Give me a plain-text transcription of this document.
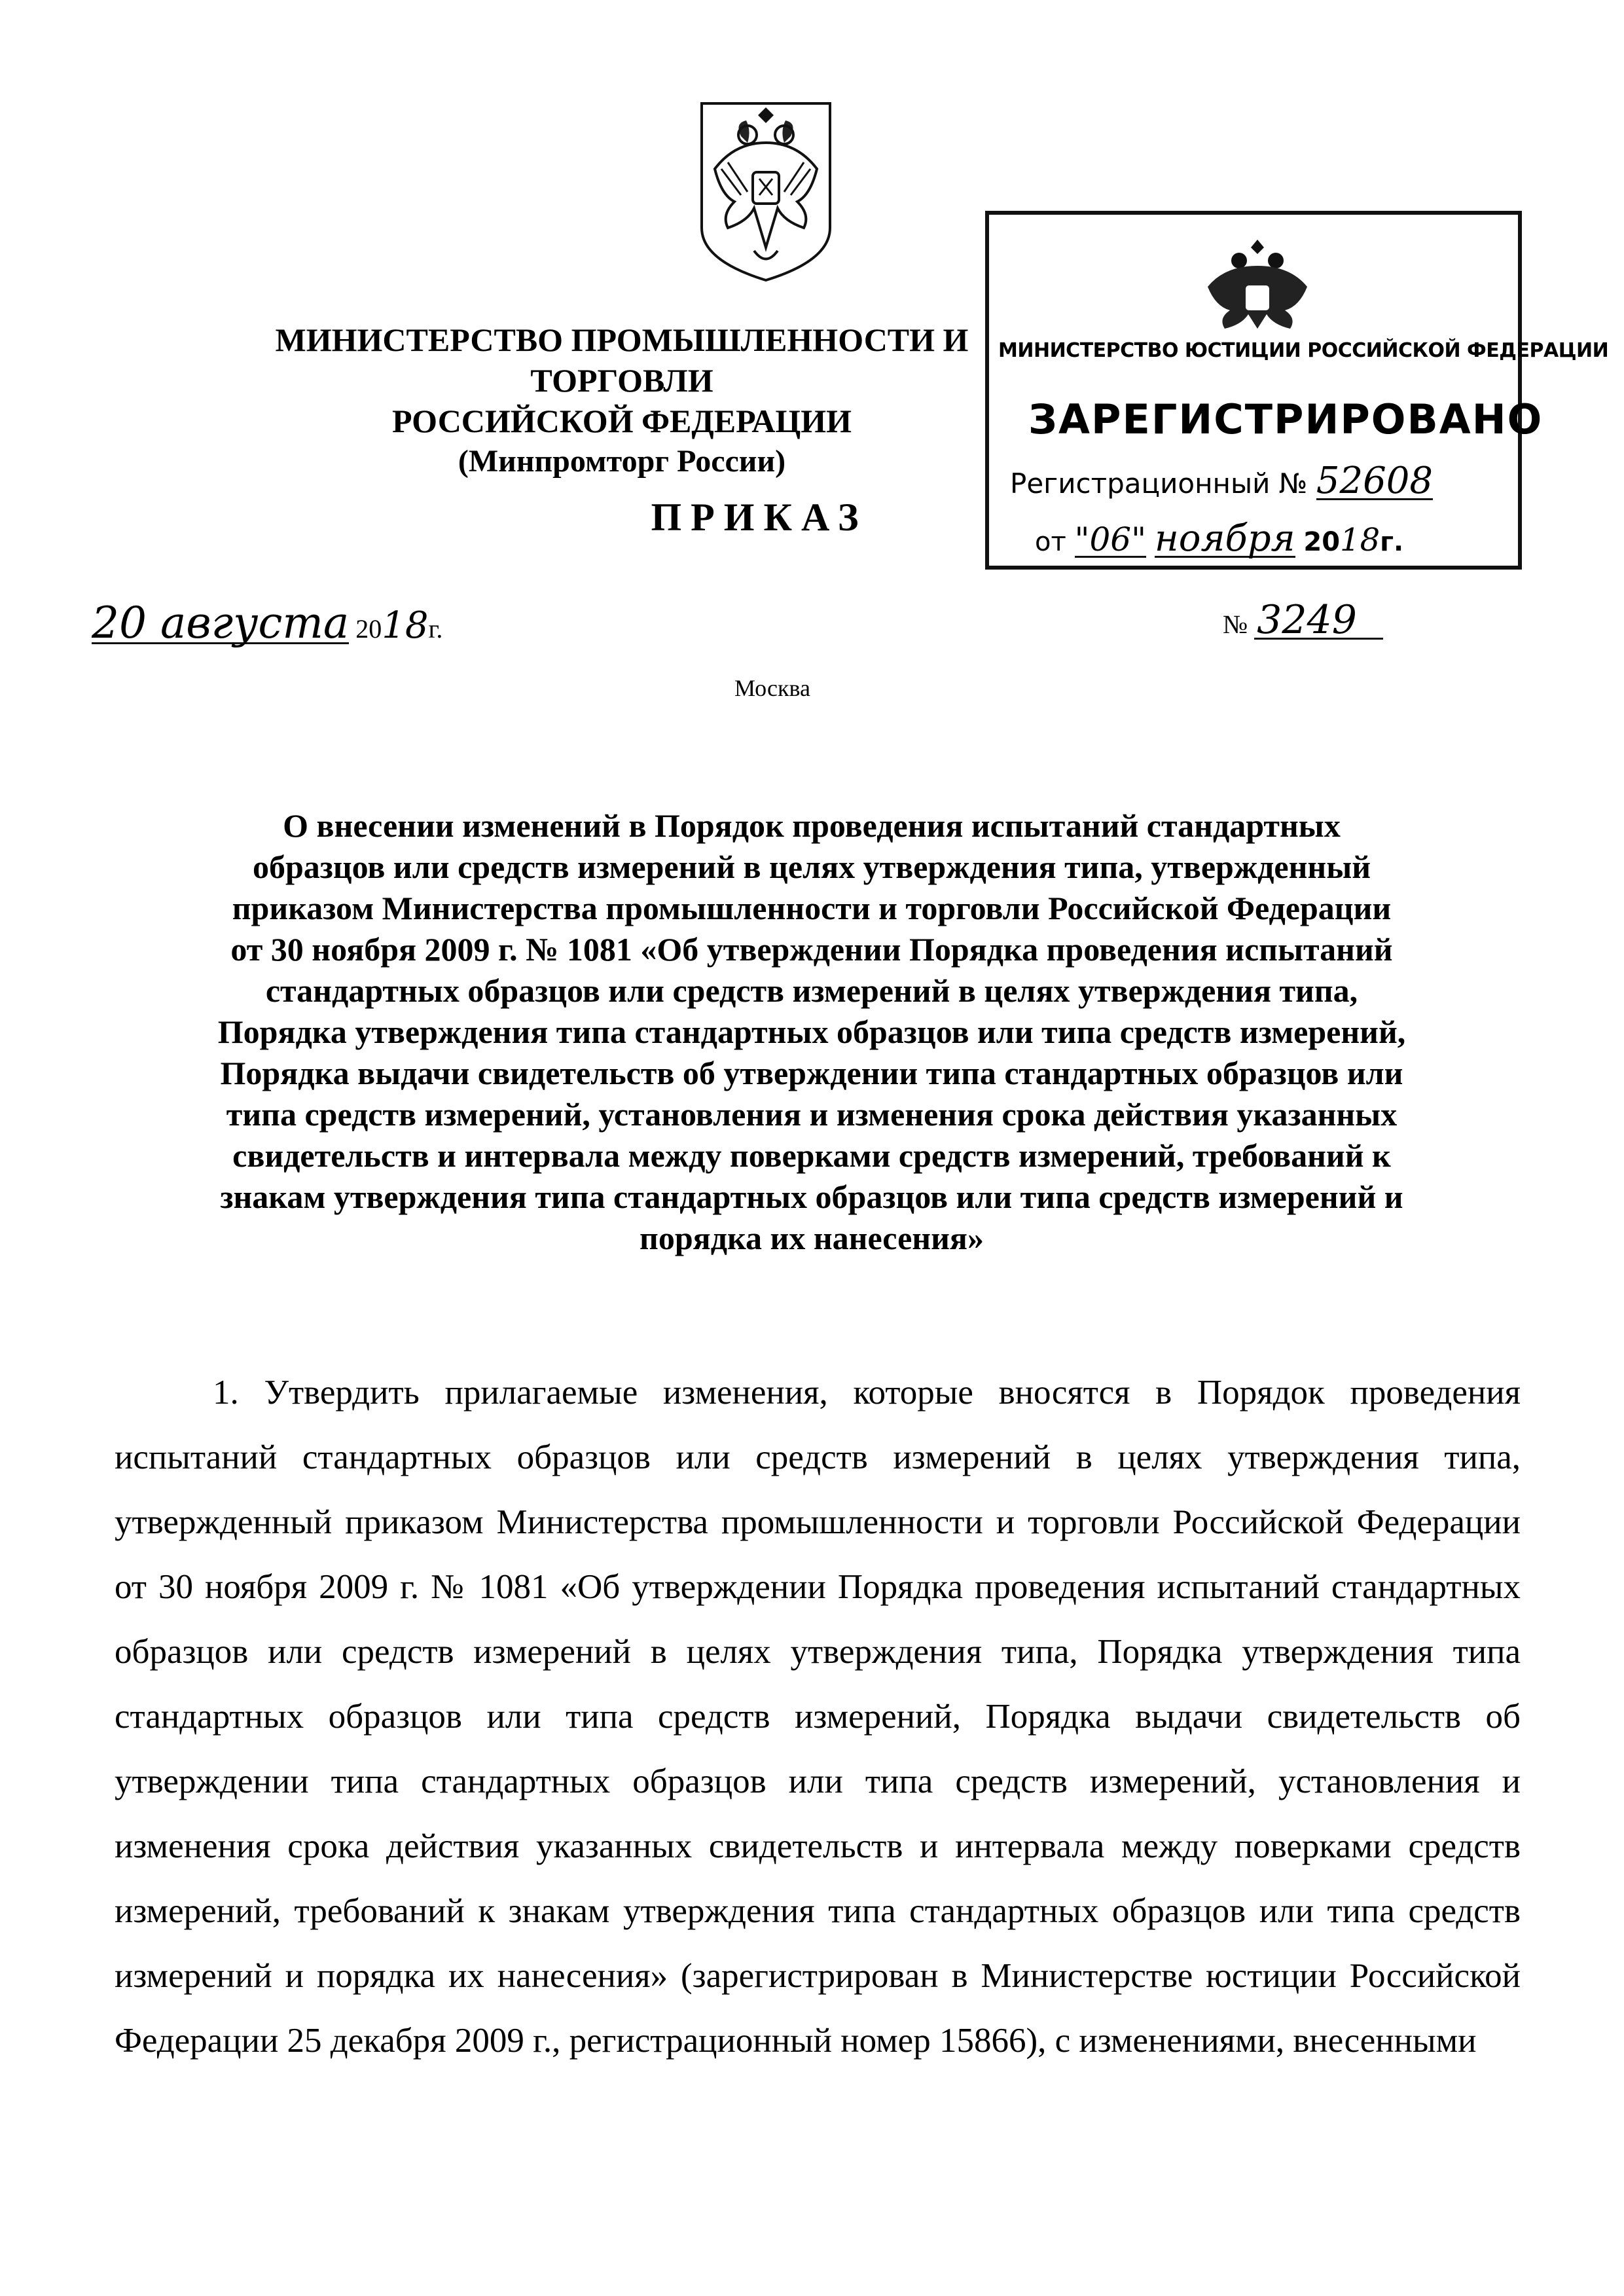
МИНИСТЕРСТВО ПРОМЫШЛЕННОСТИ И ТОРГОВЛИ
РОССИЙСКОЙ ФЕДЕРАЦИИ
(Минпромторг России)
ПРИКАЗ
МИНИСТЕРСТВО ЮСТИЦИИ РОССИЙСКОЙ ФЕДЕРАЦИИ
ЗАРЕГИСТРИРОВАНО
Регистрационный № 52608
от "06" ноября 2018г.
20 августа 2018г.	№ 3249
Москва
О внесении изменений в Порядок проведения испытаний стандартных
образцов или средств измерений в целях утверждения типа, утвержденный
приказом Министерства промышленности и торговли Российской Федерации
от 30 ноября 2009 г. № 1081 «Об утверждении Порядка проведения испытаний
стандартных образцов или средств измерений в целях утверждения типа,
Порядка утверждения типа стандартных образцов или типа средств измерений,
Порядка выдачи свидетельств об утверждении типа стандартных образцов или
типа средств измерений, установления и изменения срока действия указанных
свидетельств и интервала между поверками средств измерений, требований к
знакам утверждения типа стандартных образцов или типа средств измерений и
порядка их нанесения»

1. Утвердить прилагаемые изменения, которые вносятся в Порядок проведения испытаний стандартных образцов или средств измерений в целях утверждения типа, утвержденный приказом Министерства промышленности и торговли Российской Федерации от 30 ноября 2009 г. № 1081 «Об утверждении Порядка проведения испытаний стандартных образцов или средств измерений в целях утверждения типа, Порядка утверждения типа стандартных образцов или типа средств измерений, Порядка выдачи свидетельств об утверждении типа стандартных образцов или типа средств измерений, установления и изменения срока действия указанных свидетельств и интервала между поверками средств измерений, требований к знакам утверждения типа стандартных образцов или типа средств измерений и порядка их нанесения» (зарегистрирован в Министерстве юстиции Российской Федерации 25 декабря 2009 г., регистрационный номер 15866), с изменениями, внесенными
